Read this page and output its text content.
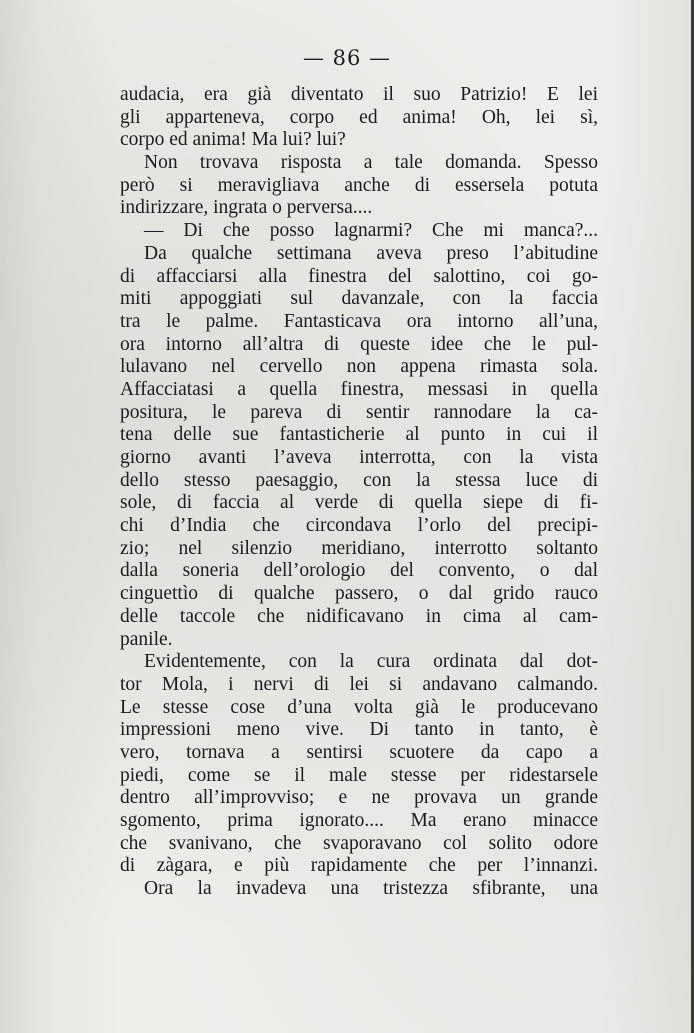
— 86 —
audacia, era già diventato il suo Patrizio! E lei
gli apparteneva, corpo ed anima! Oh, lei sì,
corpo ed anima! Ma lui? lui?
Non trovava risposta a tale domanda. Spesso
però si meravigliava anche di essersela potuta
indirizzare, ingrata o perversa....
— Di che posso lagnarmi? Che mi manca?...
Da qualche settimana aveva preso l’abitudine
di affacciarsi alla finestra del salottino, coi go-
miti appoggiati sul davanzale, con la faccia
tra le palme. Fantasticava ora intorno all’una,
ora intorno all’altra di queste idee che le pul-
lulavano nel cervello non appena rimasta sola.
Affacciatasi a quella finestra, messasi in quella
positura, le pareva di sentir rannodare la ca-
tena delle sue fantasticherie al punto in cui il
giorno avanti l’aveva interrotta, con la vista
dello stesso paesaggio, con la stessa luce di
sole, di faccia al verde di quella siepe di fi-
chi d’India che circondava l’orlo del precipi-
zio; nel silenzio meridiano, interrotto soltanto
dalla soneria dell’orologio del convento, o dal
cinguettìo di qualche passero, o dal grido rauco
delle taccole che nidificavano in cima al cam-
panile.
Evidentemente, con la cura ordinata dal dot-
tor Mola, i nervi di lei si andavano calmando.
Le stesse cose d’una volta già le producevano
impressioni meno vive. Di tanto in tanto, è
vero, tornava a sentirsi scuotere da capo a
piedi, come se il male stesse per ridestarsele
dentro all’improvviso; e ne provava un grande
sgomento, prima ignorato.... Ma erano minacce
che svanivano, che svaporavano col solito odore
di zàgara, e più rapidamente che per l’innanzi.
Ora la invadeva una tristezza sfibrante, una
